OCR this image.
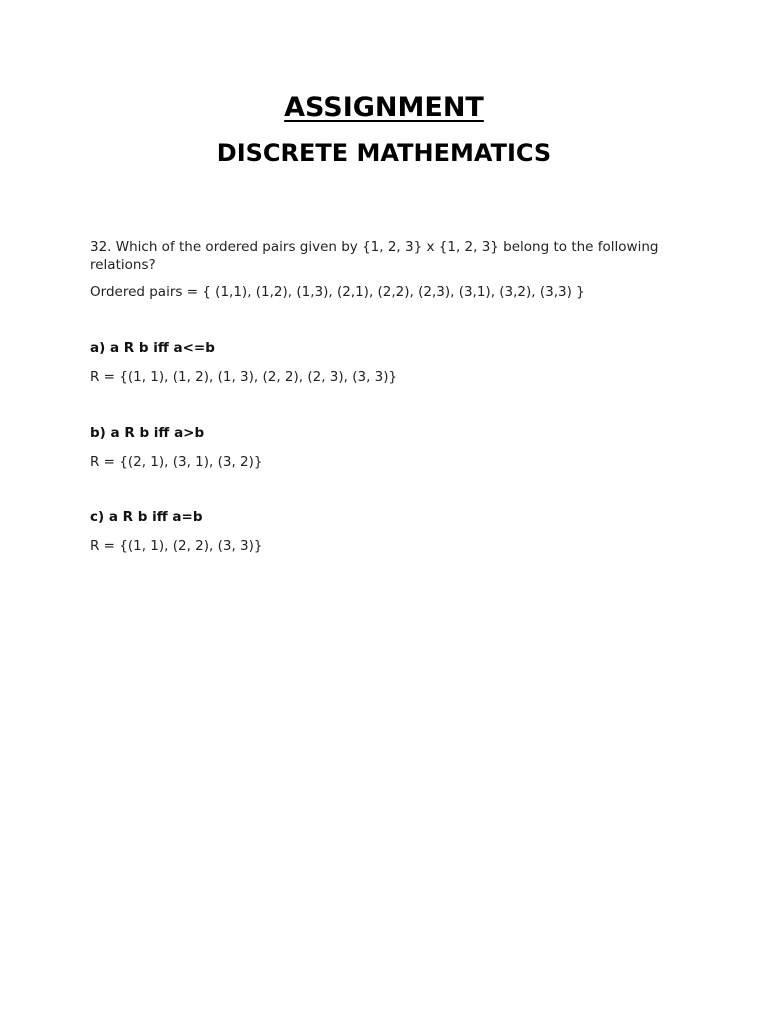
ASSIGNMENT
DISCRETE MATHEMATICS

32. Which of the ordered pairs given by {1, 2, 3} x {1, 2, 3} belong to the following relations?

Ordered pairs = { (1,1), (1,2), (1,3), (2,1), (2,2), (2,3), (3,1), (3,2), (3,3) }

a) a R b iff a<=b

R = {(1, 1), (1, 2), (1, 3), (2, 2), (2, 3), (3, 3)}

b) a R b iff a>b

R = {(2, 1), (3, 1), (3, 2)}

c) a R b iff a=b

R = {(1, 1), (2, 2), (3, 3)}
